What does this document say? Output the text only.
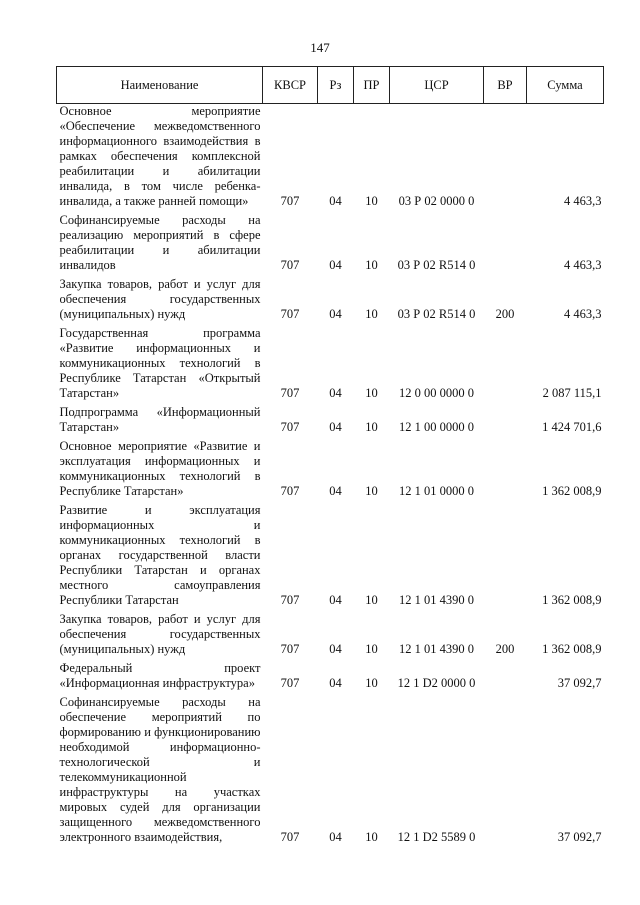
147
Наименование	КВСР	Рз	ПР	ЦСР	ВР	Сумма
Основное мероприятие «Обеспечение межведомственного информационного взаимодействия в рамках обеспечения комплексной реабилитации и абилитации инвалида, в том числе ребенка-инвалида, а также ранней помощи»	707	04	10	03 Р 02 0000 0		4 463,3
Софинансируемые расходы на реализацию мероприятий в сфере реабилитации и абилитации инвалидов	707	04	10	03 Р 02 R514 0		4 463,3
Закупка товаров, работ и услуг для обеспечения государственных (муниципальных) нужд	707	04	10	03 Р 02 R514 0	200	4 463,3
Государственная программа «Развитие информационных и коммуникационных технологий в Республике Татарстан «Открытый Татарстан»	707	04	10	12 0 00 0000 0		2 087 115,1
Подпрограмма «Информационный Татарстан»	707	04	10	12 1 00 0000 0		1 424 701,6
Основное мероприятие «Развитие и эксплуатация информационных и коммуникационных технологий в Республике Татарстан»	707	04	10	12 1 01 0000 0		1 362 008,9
Развитие и эксплуатация информационных и коммуникационных технологий в органах государственной власти Республики Татарстан и органах местного самоуправления Республики Татарстан	707	04	10	12 1 01 4390 0		1 362 008,9
Закупка товаров, работ и услуг для обеспечения государственных (муниципальных) нужд	707	04	10	12 1 01 4390 0	200	1 362 008,9
Федеральный проект «Информационная инфраструктура»	707	04	10	12 1 D2 0000 0		37 092,7
Софинансируемые расходы на обеспечение мероприятий по формированию и функционированию необходимой информационно-технологической и телекоммуникационной инфраструктуры на участках мировых судей для организации защищенного межведомственного электронного взаимодействия,	707	04	10	12 1 D2 5589 0		37 092,7
